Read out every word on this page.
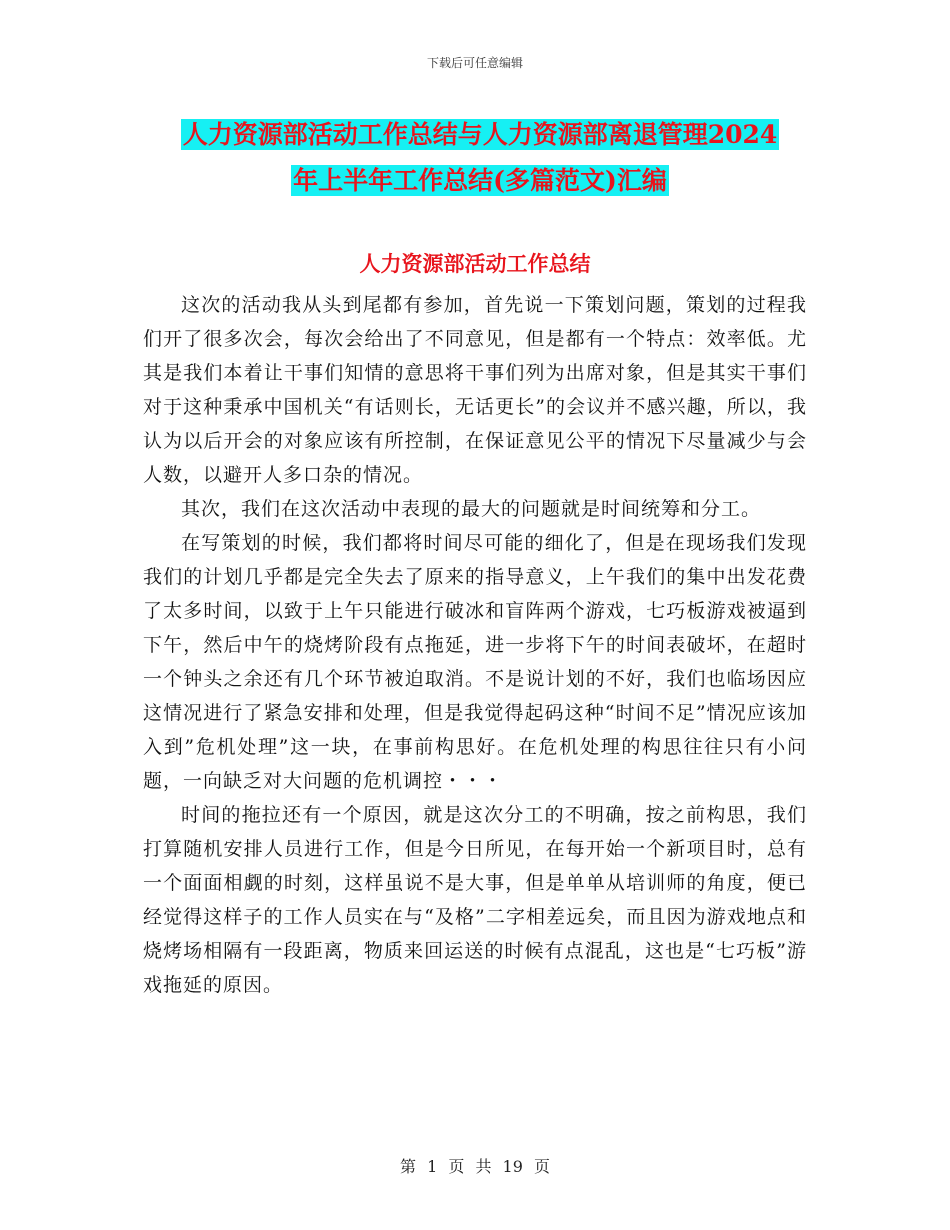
下载后可任意编辑
人力资源部活动工作总结与人力资源部离退管理2024
年上半年工作总结(多篇范文)汇编
人力资源部活动工作总结

这次的活动我从头到尾都有参加，首先说一下策划问题，策划的过程我们开了很多次会，每次会给出了不同意见，但是都有一个特点：效率低。尤其是我们本着让干事们知情的意思将干事们列为出席对象，但是其实干事们对于这种秉承中国机关“有话则长，无话更长”的会议并不感兴趣，所以，我认为以后开会的对象应该有所控制，在保证意见公平的情况下尽量减少与会人数，以避开人多口杂的情况。

其次，我们在这次活动中表现的最大的问题就是时间统筹和分工。

在写策划的时候，我们都将时间尽可能的细化了，但是在现场我们发现我们的计划几乎都是完全失去了原来的指导意义，上午我们的集中出发花费了太多时间，以致于上午只能进行破冰和盲阵两个游戏，七巧板游戏被逼到下午，然后中午的烧烤阶段有点拖延，进一步将下午的时间表破坏，在超时一个钟头之余还有几个环节被迫取消。不是说计划的不好，我们也临场因应这情况进行了紧急安排和处理，但是我觉得起码这种“时间不足”情况应该加入到”危机处理”这一块，在事前构思好。在危机处理的构思往往只有小问题，一向缺乏对大问题的危机调控・・・

时间的拖拉还有一个原因，就是这次分工的不明确，按之前构思，我们打算随机安排人员进行工作，但是今日所见，在每开始一个新项目时，总有一个面面相觑的时刻，这样虽说不是大事，但是单单从培训师的角度，便已经觉得这样子的工作人员实在与“及格”二字相差远矣，而且因为游戏地点和烧烤场相隔有一段距离，物质来回运送的时候有点混乱，这也是“七巧板”游戏拖延的原因。

第 1 页 共 19 页
